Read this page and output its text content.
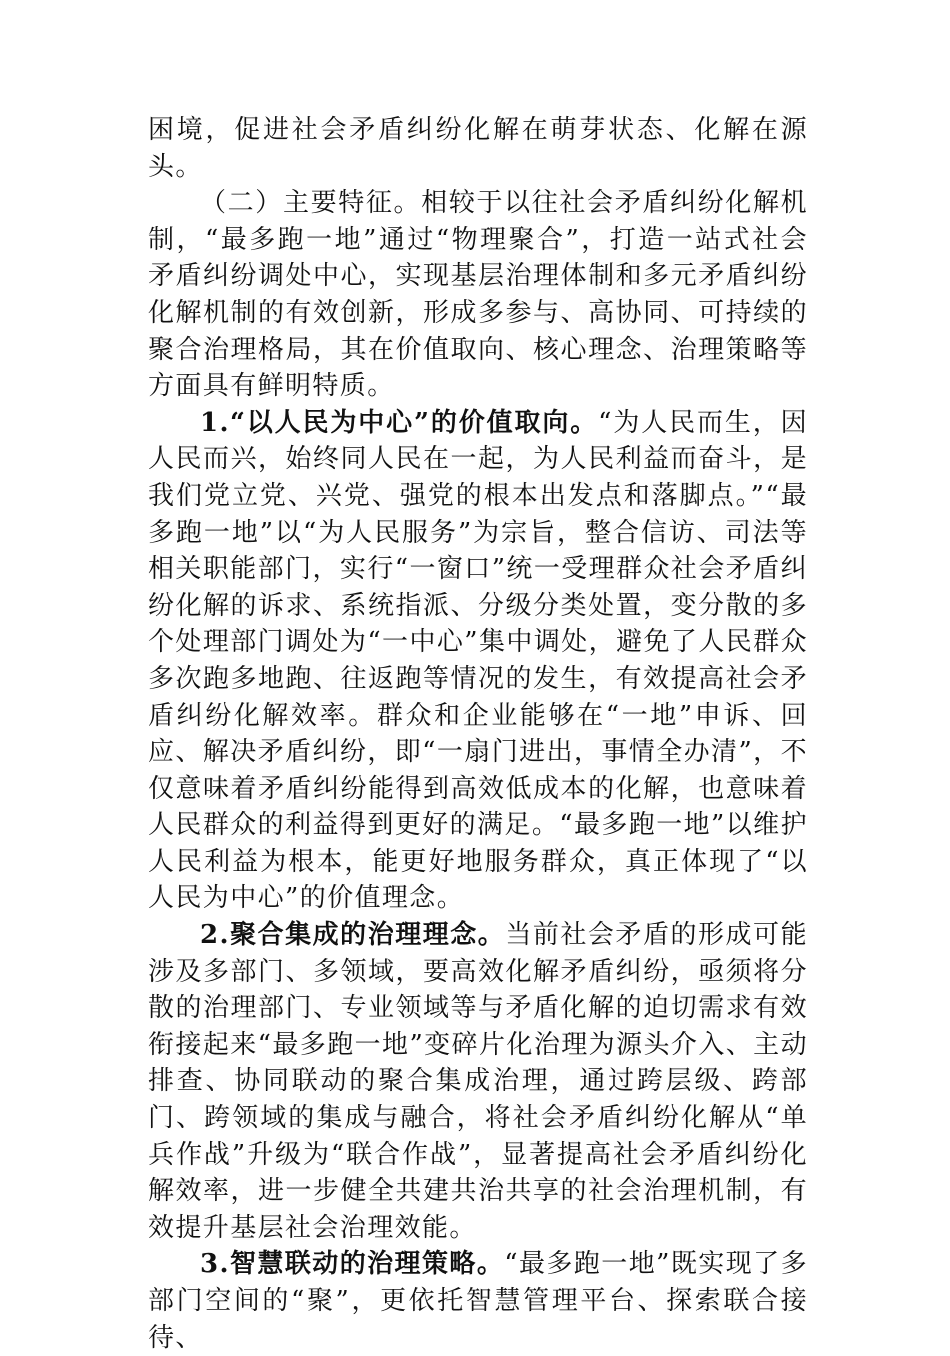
困境，促进社会矛盾纠纷化解在萌芽状态、化解在源头。

（二）主要特征。相较于以往社会矛盾纠纷化解机制，“最多跑一地”通过“物理聚合”，打造一站式社会矛盾纠纷调处中心，实现基层治理体制和多元矛盾纠纷化解机制的有效创新，形成多参与、高协同、可持续的聚合治理格局，其在价值取向、核心理念、治理策略等方面具有鲜明特质。

1.“以人民为中心”的价值取向。“为人民而生，因人民而兴，始终同人民在一起，为人民利益而奋斗，是我们党立党、兴党、强党的根本出发点和落脚点。”“最多跑一地”以“为人民服务”为宗旨，整合信访、司法等相关职能部门，实行“一窗口”统一受理群众社会矛盾纠纷化解的诉求、系统指派、分级分类处置，变分散的多个处理部门调处为“一中心”集中调处，避免了人民群众多次跑多地跑、往返跑等情况的发生，有效提高社会矛盾纠纷化解效率。群众和企业能够在“一地”申诉、回应、解决矛盾纠纷，即“一扇门进出，事情全办清”，不仅意味着矛盾纠纷能得到高效低成本的化解，也意味着人民群众的利益得到更好的满足。“最多跑一地”以维护人民利益为根本，能更好地服务群众，真正体现了“以人民为中心”的价值理念。

2.聚合集成的治理理念。当前社会矛盾的形成可能涉及多部门、多领域，要高效化解矛盾纠纷，亟须将分散的治理部门、专业领域等与矛盾化解的迫切需求有效衔接起来“最多跑一地”变碎片化治理为源头介入、主动排查、协同联动的聚合集成治理，通过跨层级、跨部门、跨领域的集成与融合，将社会矛盾纠纷化解从“单兵作战”升级为“联合作战”，显著提高社会矛盾纠纷化解效率，进一步健全共建共治共享的社会治理机制，有效提升基层社会治理效能。

3.智慧联动的治理策略。“最多跑一地”既实现了多部门空间的“聚”，更依托智慧管理平台、探索联合接待、
